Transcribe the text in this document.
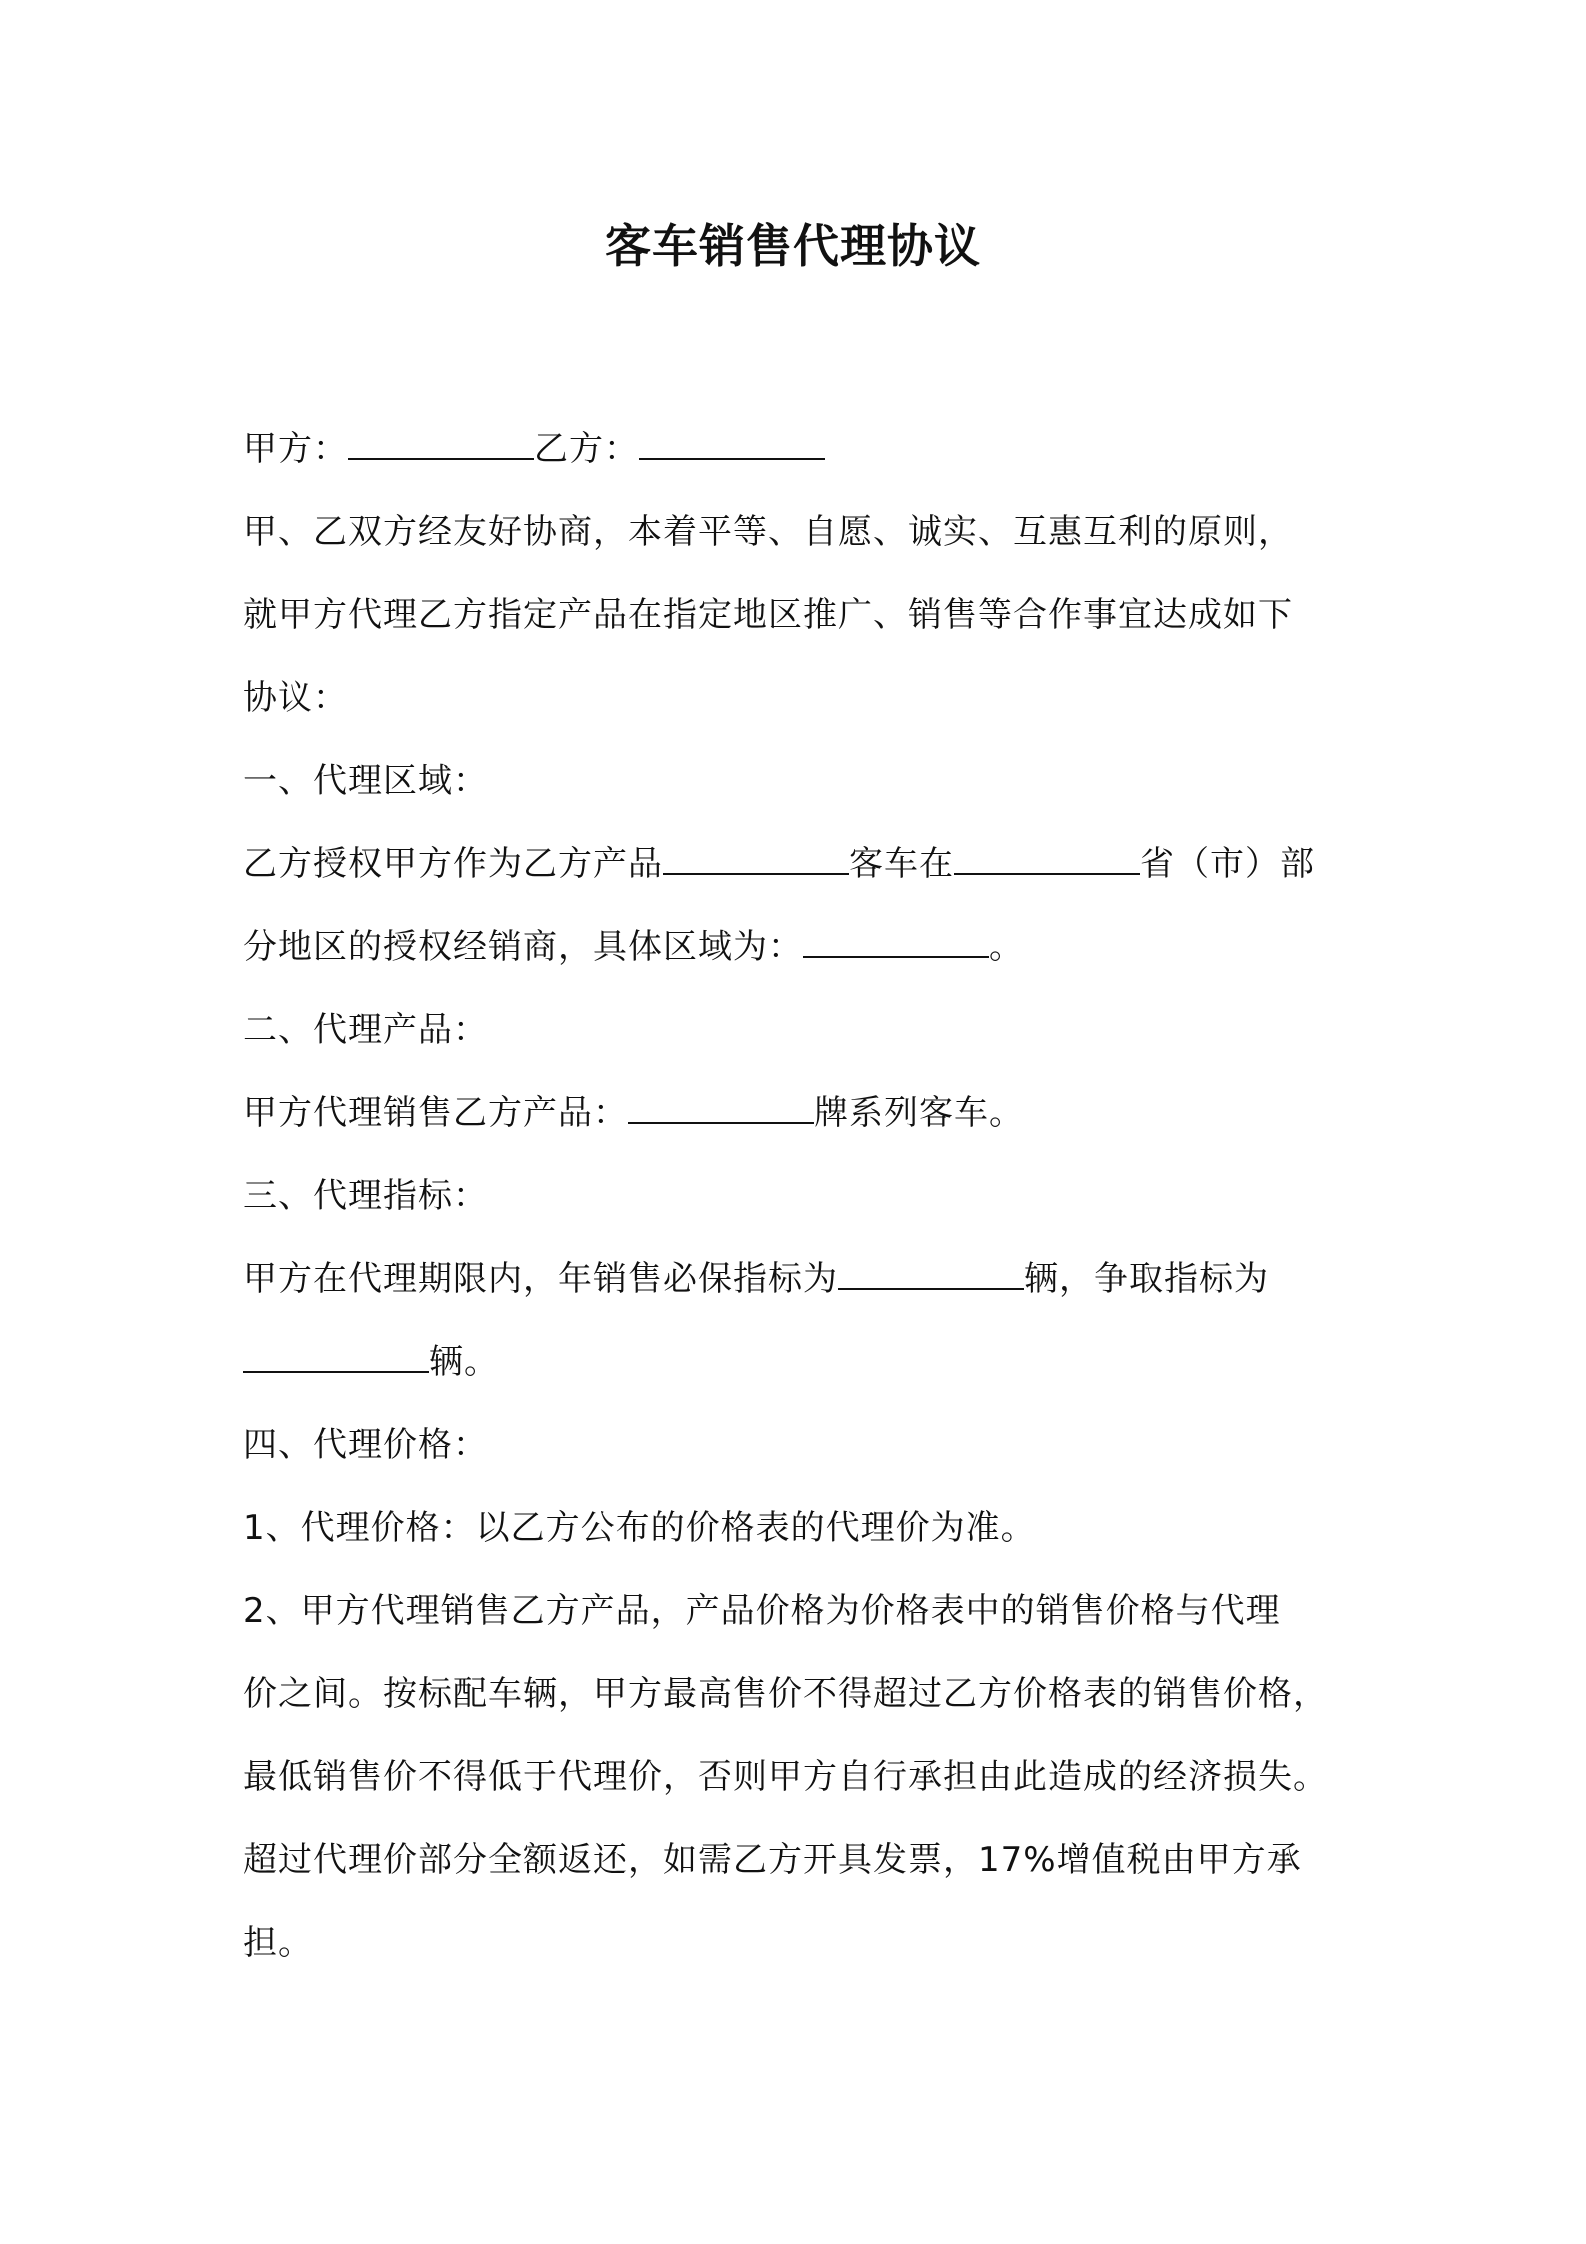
客车销售代理协议
甲方：	乙方：
甲、乙双方经友好协商，本着平等、自愿、诚实、互惠互利的原则，
就甲方代理乙方指定产品在指定地区推广、销售等合作事宜达成如下
协议：
一、代理区域：
乙方授权甲方作为乙方产品	客车在	省（市）部
分地区的授权经销商，具体区域为：	。
二、代理产品：
甲方代理销售乙方产品：	牌系列客车。
三、代理指标：
甲方在代理期限内，年销售必保指标为	辆，争取指标为
辆。
四、代理价格：
1、代理价格：以乙方公布的价格表的代理价为准。
2、甲方代理销售乙方产品，产品价格为价格表中的销售价格与代理
价之间。按标配车辆，甲方最高售价不得超过乙方价格表的销售价格，
最低销售价不得低于代理价，否则甲方自行承担由此造成的经济损失。
超过代理价部分全额返还，如需乙方开具发票，17%增值税由甲方承
担。
